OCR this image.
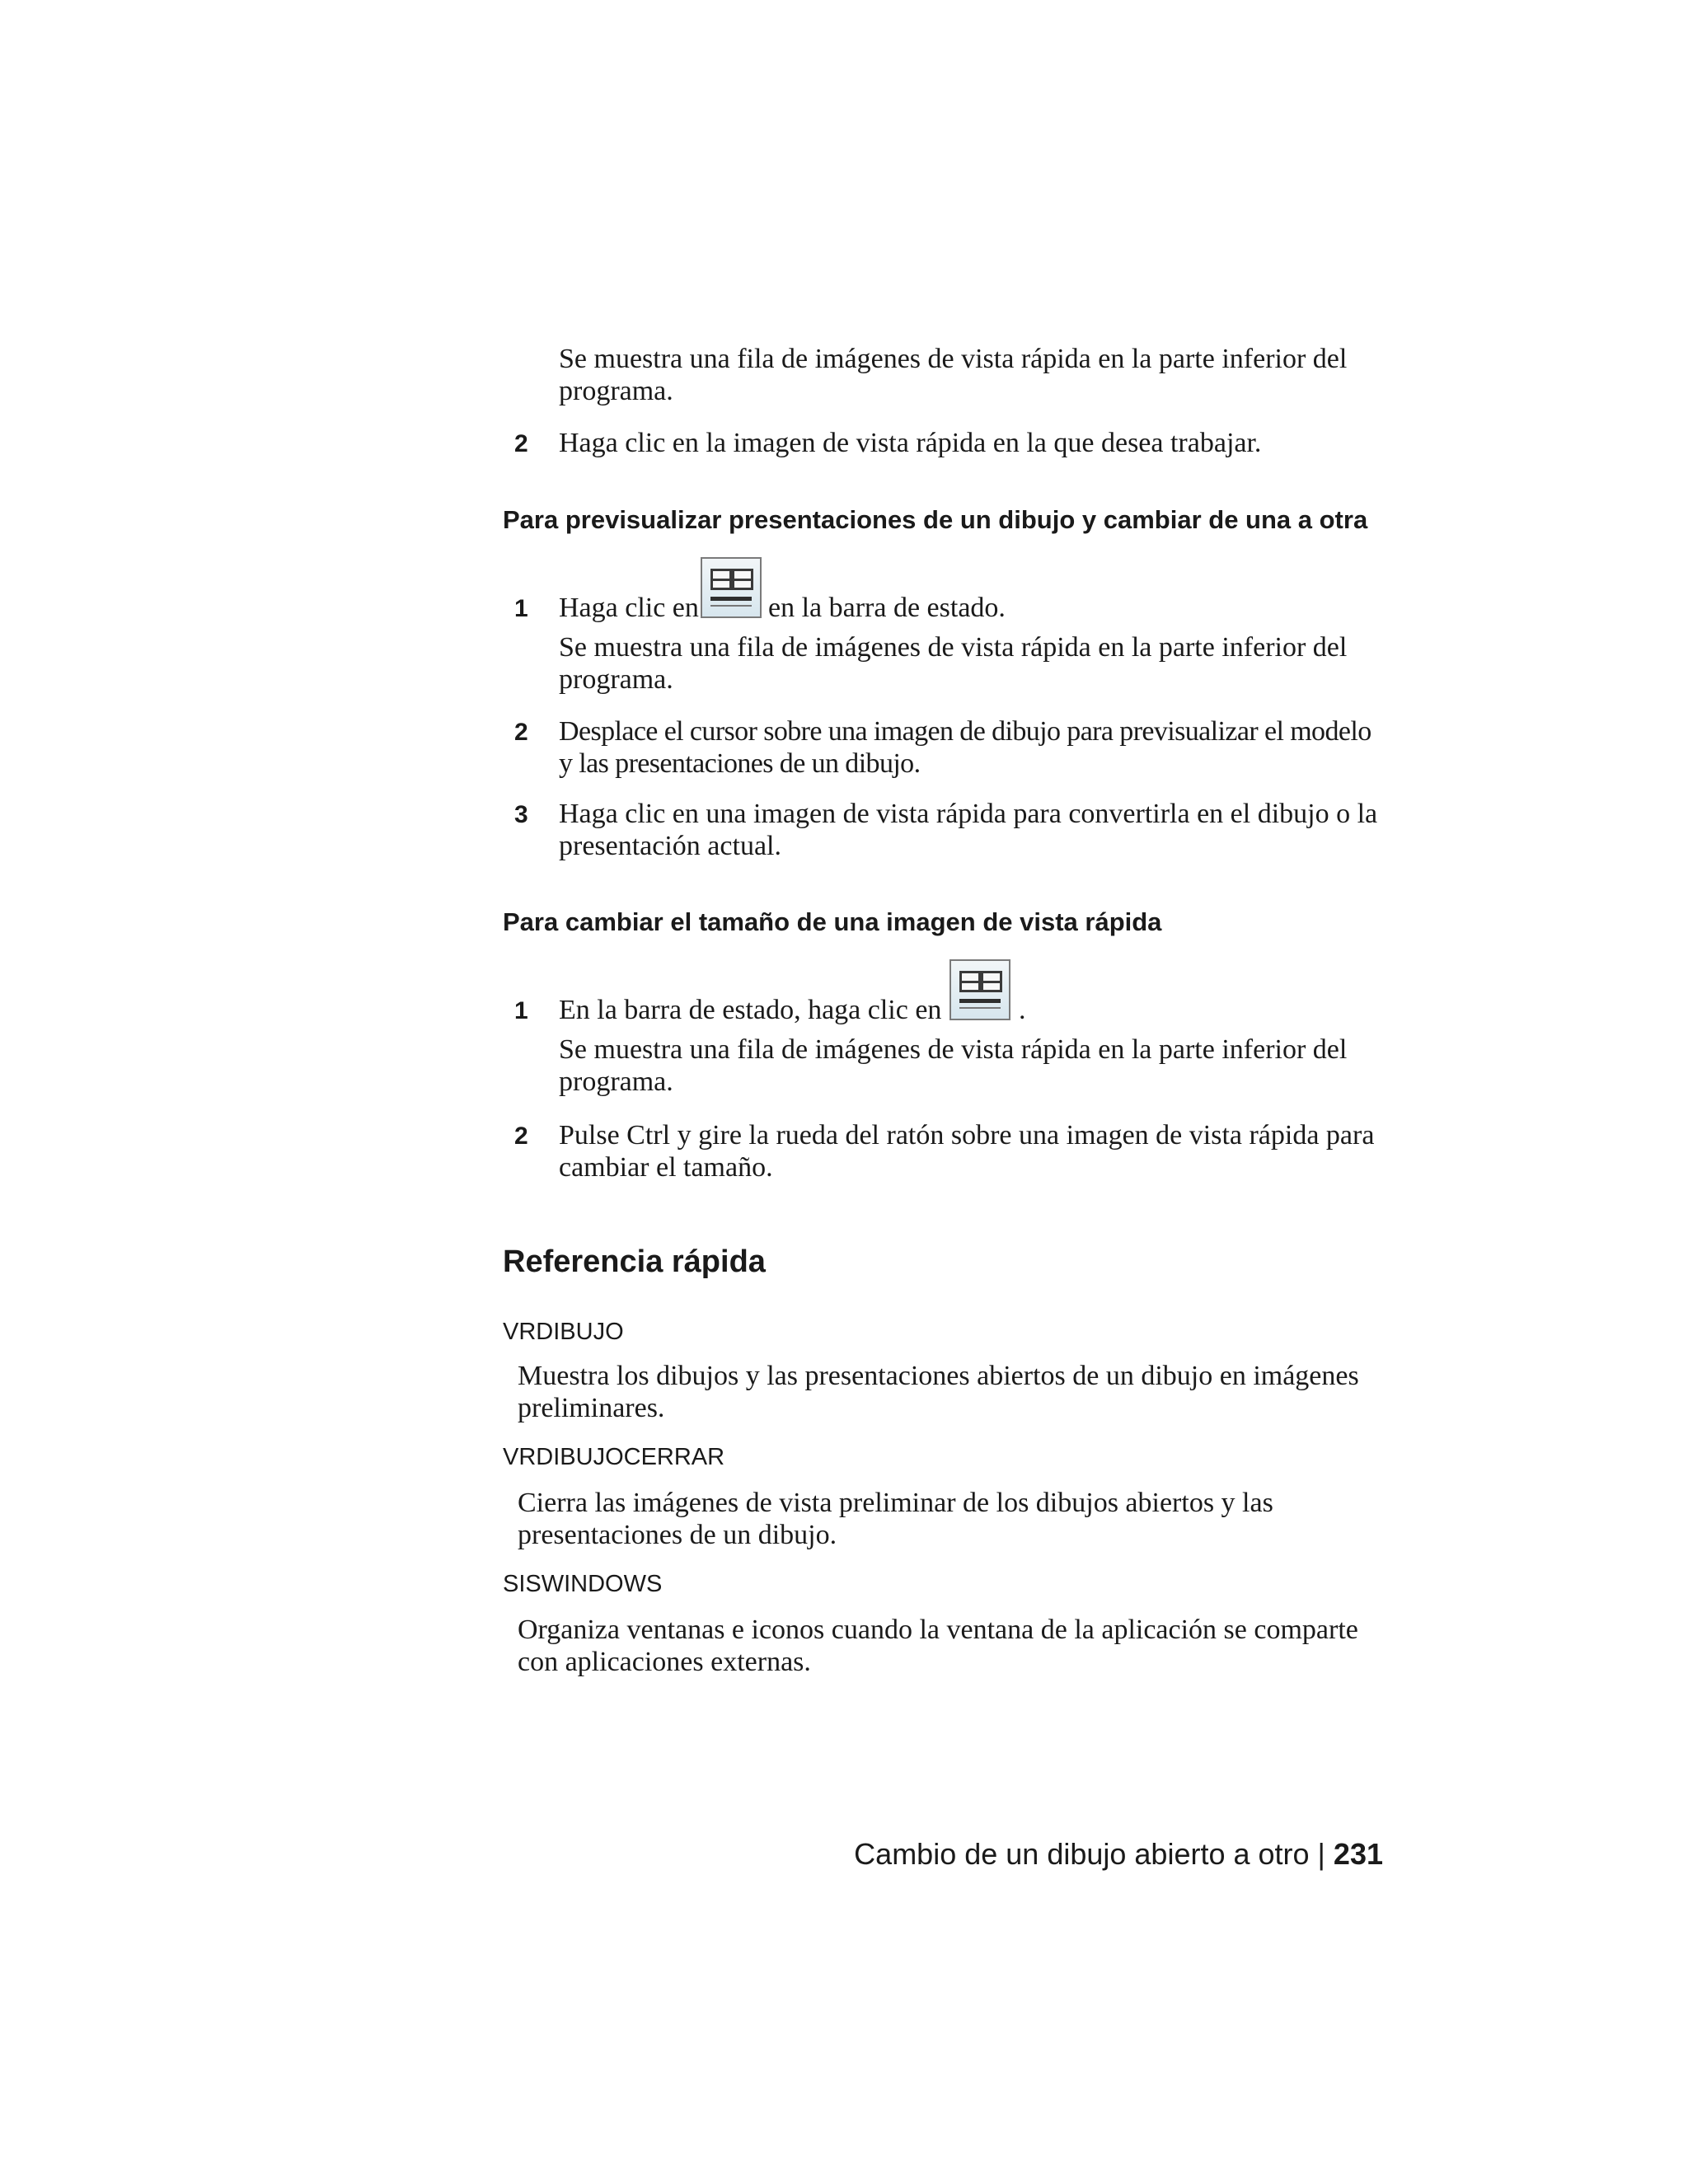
Se muestra una fila de imágenes de vista rápida en la parte inferior del programa.
2	Haga clic en la imagen de vista rápida en la que desea trabajar.
Para previsualizar presentaciones de un dibujo y cambiar de una a otra
1	Haga clic en en la barra de estado.
Se muestra una fila de imágenes de vista rápida en la parte inferior del programa.
2	Desplace el cursor sobre una imagen de dibujo para previsualizar el modelo y las presentaciones de un dibujo.
3	Haga clic en una imagen de vista rápida para convertirla en el dibujo o la presentación actual.
Para cambiar el tamaño de una imagen de vista rápida
1	En la barra de estado, haga clic en	.
Se muestra una fila de imágenes de vista rápida en la parte inferior del programa.
2	Pulse Ctrl y gire la rueda del ratón sobre una imagen de vista rápida para cambiar el tamaño.
Referencia rápida
VRDIBUJO
Muestra los dibujos y las presentaciones abiertos de un dibujo en imágenes preliminares.
VRDIBUJOCERRAR
Cierra las imágenes de vista preliminar de los dibujos abiertos y las presentaciones de un dibujo.
SISWINDOWS
Organiza ventanas e iconos cuando la ventana de la aplicación se comparte con aplicaciones externas.
Cambio de un dibujo abierto a otro | 231
